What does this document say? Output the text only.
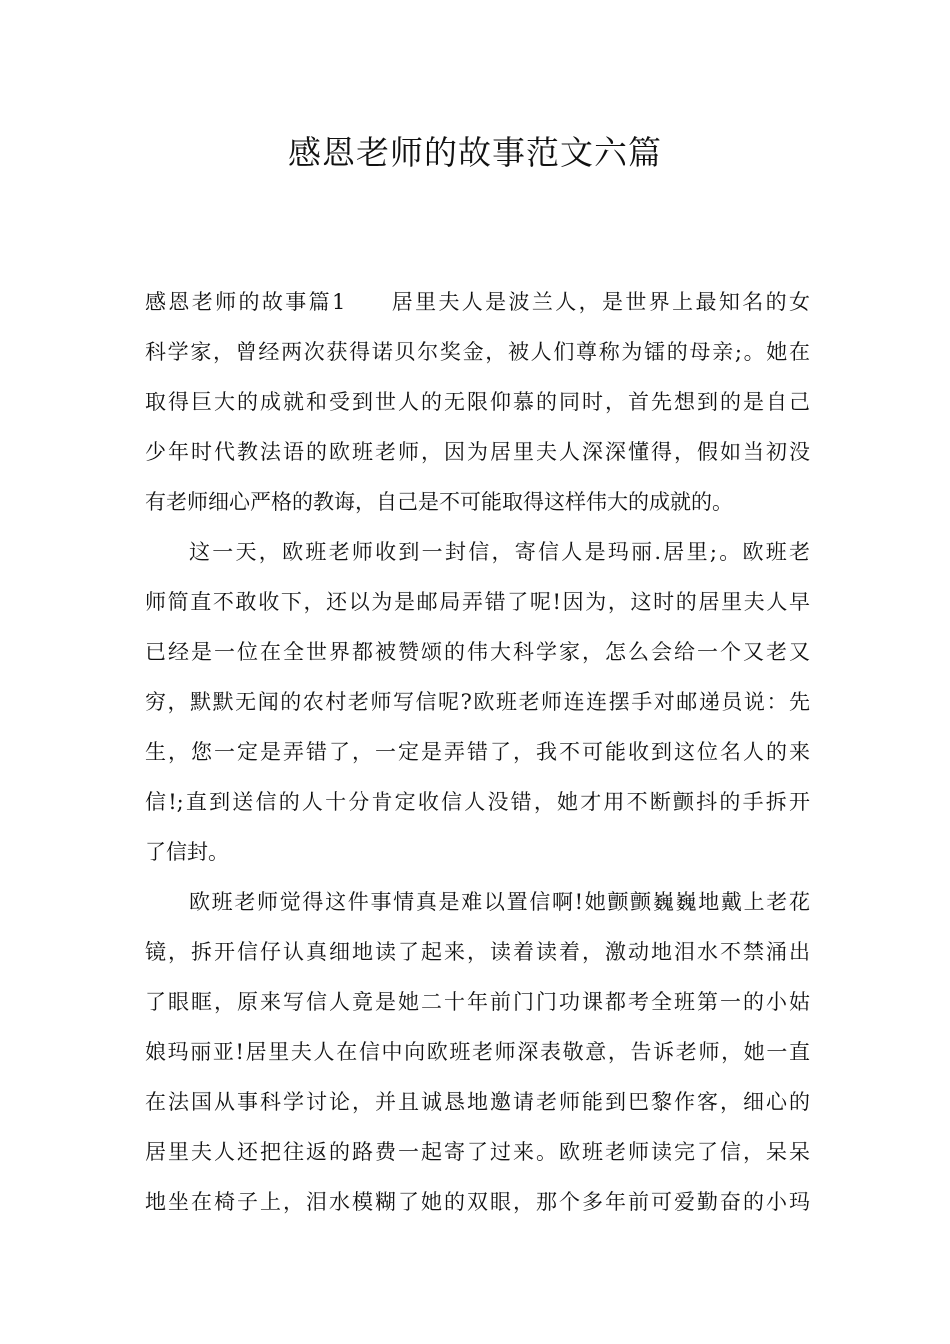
感恩老师的故事范文六篇
感恩老师的故事篇1 居里夫人是波兰人，是世界上最知名的女
科学家，曾经两次获得诺贝尔奖金，被人们尊称为镭的母亲;。她在
取得巨大的成就和受到世人的无限仰慕的同时，首先想到的是自己
少年时代教法语的欧班老师，因为居里夫人深深懂得，假如当初没
有老师细心严格的教诲，自己是不可能取得这样伟大的成就的。
这一天，欧班老师收到一封信，寄信人是玛丽.居里;。欧班老
师简直不敢收下，还以为是邮局弄错了呢!因为，这时的居里夫人早
已经是一位在全世界都被赞颂的伟大科学家，怎么会给一个又老又
穷，默默无闻的农村老师写信呢?欧班老师连连摆手对邮递员说：先
生，您一定是弄错了，一定是弄错了，我不可能收到这位名人的来
信!;直到送信的人十分肯定收信人没错，她才用不断颤抖的手拆开
了信封。
欧班老师觉得这件事情真是难以置信啊!她颤颤巍巍地戴上老花
镜，拆开信仔认真细地读了起来，读着读着，激动地泪水不禁涌出
了眼眶，原来写信人竟是她二十年前门门功课都考全班第一的小姑
娘玛丽亚!居里夫人在信中向欧班老师深表敬意，告诉老师，她一直
在法国从事科学讨论，并且诚恳地邀请老师能到巴黎作客，细心的
居里夫人还把往返的路费一起寄了过来。欧班老师读完了信，呆呆
地坐在椅子上，泪水模糊了她的双眼，那个多年前可爱勤奋的小玛
